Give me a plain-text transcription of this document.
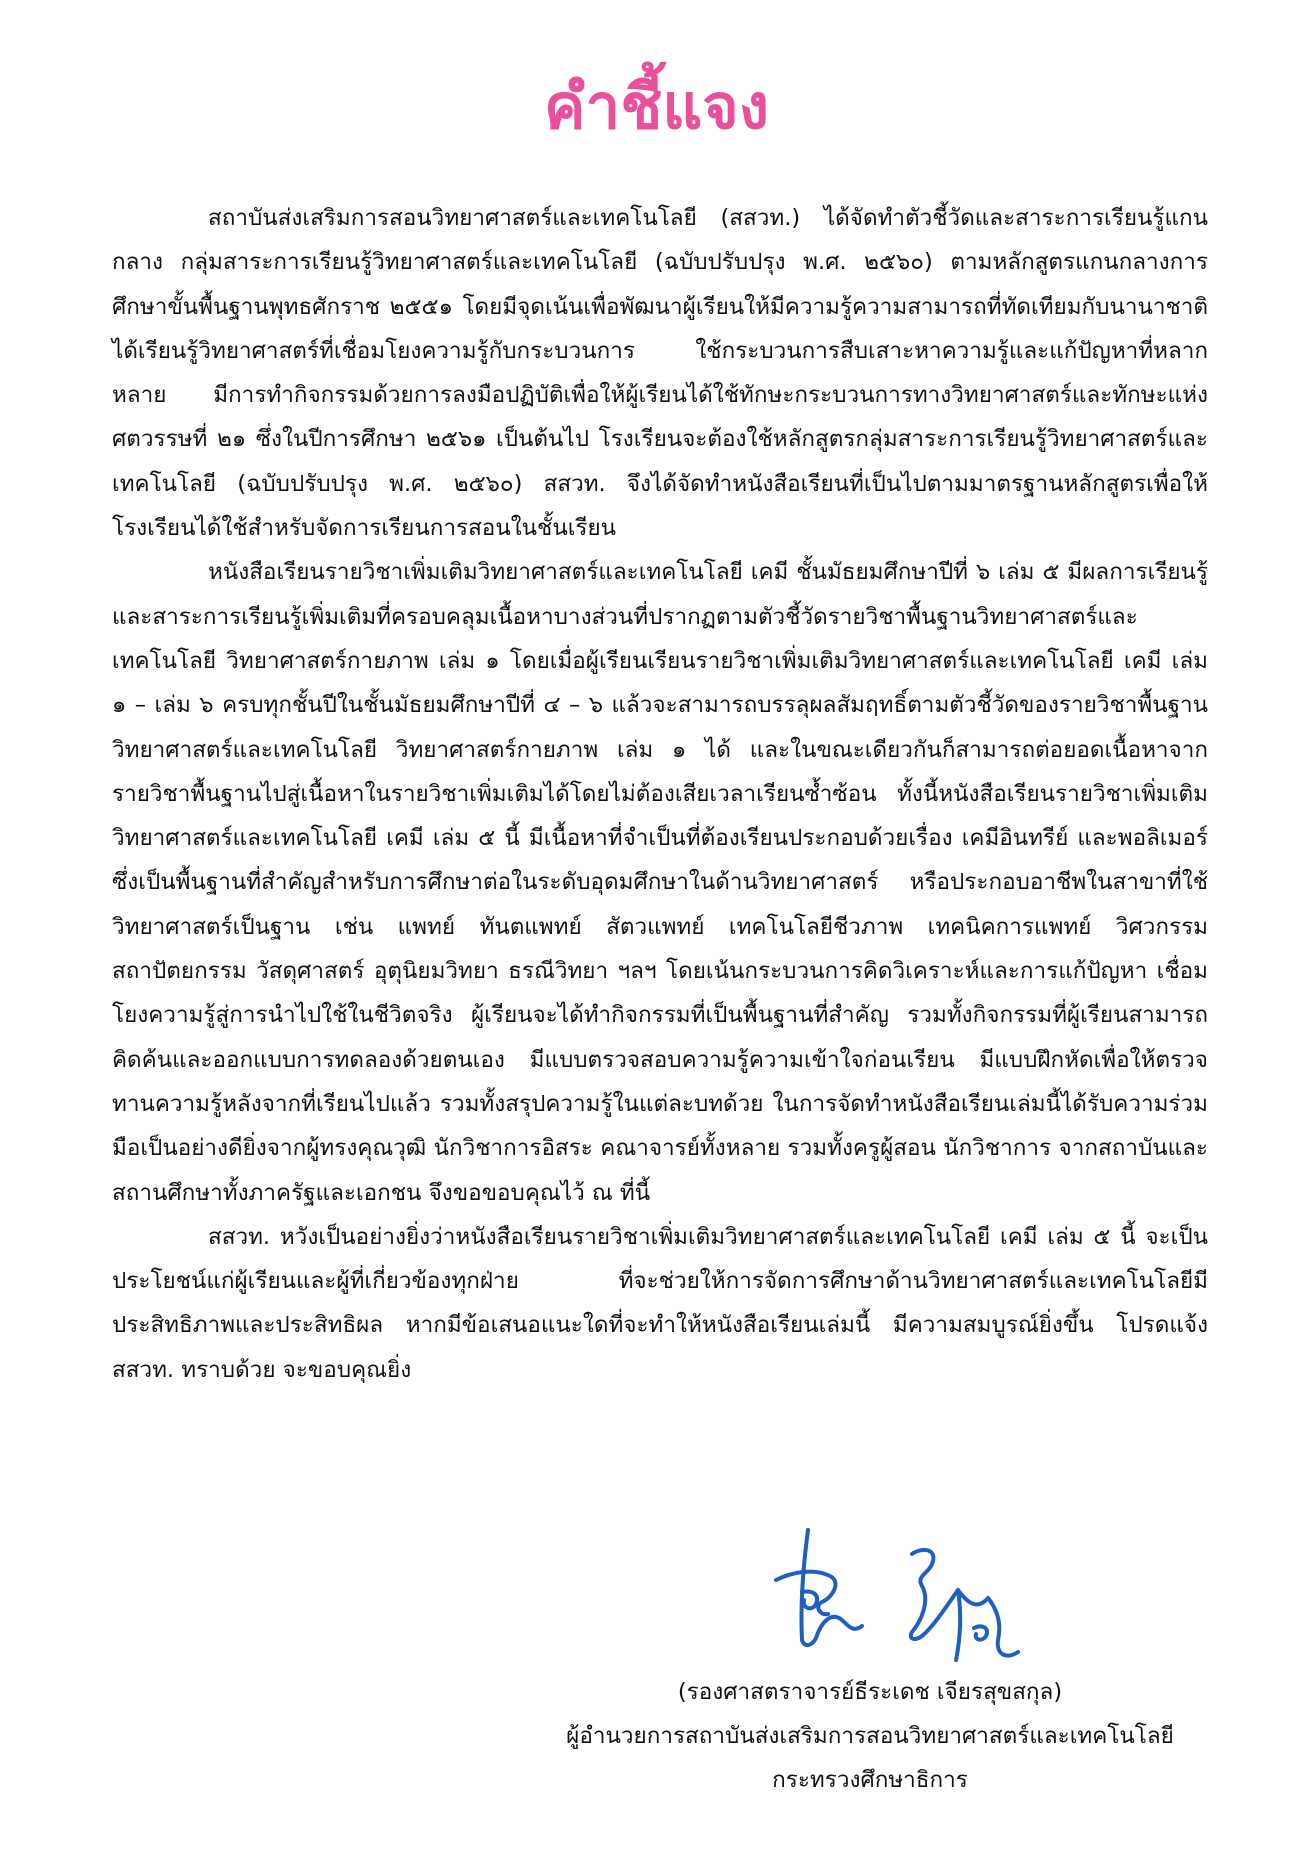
คำชี้แจง

สถาบันส่งเสริมการสอนวิทยาศาสตร์และเทคโนโลยี (สสวท.) ได้จัดทำตัวชี้วัดและสาระการเรียนรู้แกนกลาง กลุ่มสาระการเรียนรู้วิทยาศาสตร์และเทคโนโลยี (ฉบับปรับปรุง พ.ศ. ๒๕๖๐) ตามหลักสูตรแกนกลางการศึกษาขั้นพื้นฐานพุทธศักราช ๒๕๕๑ โดยมีจุดเน้นเพื่อพัฒนาผู้เรียนให้มีความรู้ความสามารถที่ทัดเทียมกับนานาชาติ ได้เรียนรู้วิทยาศาสตร์ที่เชื่อมโยงความรู้กับกระบวนการ ใช้กระบวนการสืบเสาะหาความรู้และแก้ปัญหาที่หลากหลาย มีการทำกิจกรรมด้วยการลงมือปฏิบัติเพื่อให้ผู้เรียนได้ใช้ทักษะกระบวนการทางวิทยาศาสตร์และทักษะแห่งศตวรรษที่ ๒๑ ซึ่งในปีการศึกษา ๒๕๖๑ เป็นต้นไป โรงเรียนจะต้องใช้หลักสูตรกลุ่มสาระการเรียนรู้วิทยาศาสตร์และเทคโนโลยี (ฉบับปรับปรุง พ.ศ. ๒๕๖๐) สสวท. จึงได้จัดทำหนังสือเรียนที่เป็นไปตามมาตรฐานหลักสูตรเพื่อให้โรงเรียนได้ใช้สำหรับจัดการเรียนการสอนในชั้นเรียน

หนังสือเรียนรายวิชาเพิ่มเติมวิทยาศาสตร์และเทคโนโลยี เคมี ชั้นมัธยมศึกษาปีที่ ๖ เล่ม ๕ มีผลการเรียนรู้และสาระการเรียนรู้เพิ่มเติมที่ครอบคลุมเนื้อหาบางส่วนที่ปรากฏตามตัวชี้วัดรายวิชาพื้นฐานวิทยาศาสตร์และเทคโนโลยี วิทยาศาสตร์กายภาพ เล่ม ๑ โดยเมื่อผู้เรียนเรียนรายวิชาเพิ่มเติมวิทยาศาสตร์และเทคโนโลยี เคมี เล่ม ๑ – เล่ม ๖ ครบทุกชั้นปีในชั้นมัธยมศึกษาปีที่ ๔ – ๖ แล้วจะสามารถบรรลุผลสัมฤทธิ์ตามตัวชี้วัดของรายวิชาพื้นฐานวิทยาศาสตร์และเทคโนโลยี วิทยาศาสตร์กายภาพ เล่ม ๑ ได้ และในขณะเดียวกันก็สามารถต่อยอดเนื้อหาจากรายวิชาพื้นฐานไปสู่เนื้อหาในรายวิชาเพิ่มเติมได้โดยไม่ต้องเสียเวลาเรียนซ้ำซ้อน ทั้งนี้หนังสือเรียนรายวิชาเพิ่มเติมวิทยาศาสตร์และเทคโนโลยี เคมี เล่ม ๕ นี้ มีเนื้อหาที่จำเป็นที่ต้องเรียนประกอบด้วยเรื่อง เคมีอินทรีย์ และพอลิเมอร์ ซึ่งเป็นพื้นฐานที่สำคัญสำหรับการศึกษาต่อในระดับอุดมศึกษาในด้านวิทยาศาสตร์ หรือประกอบอาชีพในสาขาที่ใช้วิทยาศาสตร์เป็นฐาน เช่น แพทย์ ทันตแพทย์ สัตวแพทย์ เทคโนโลยีชีวภาพ เทคนิคการแพทย์ วิศวกรรม สถาปัตยกรรม วัสดุศาสตร์ อุตุนิยมวิทยา ธรณีวิทยา ฯลฯ โดยเน้นกระบวนการคิดวิเคราะห์และการแก้ปัญหา เชื่อมโยงความรู้สู่การนำไปใช้ในชีวิตจริง ผู้เรียนจะได้ทำกิจกรรมที่เป็นพื้นฐานที่สำคัญ รวมทั้งกิจกรรมที่ผู้เรียนสามารถคิดค้นและออกแบบการทดลองด้วยตนเอง มีแบบตรวจสอบความรู้ความเข้าใจก่อนเรียน มีแบบฝึกหัดเพื่อให้ตรวจทานความรู้หลังจากที่เรียนไปแล้ว รวมทั้งสรุปความรู้ในแต่ละบทด้วย ในการจัดทำหนังสือเรียนเล่มนี้ได้รับความร่วมมือเป็นอย่างดียิ่งจากผู้ทรงคุณวุฒิ นักวิชาการอิสระ คณาจารย์ทั้งหลาย รวมทั้งครูผู้สอน นักวิชาการ จากสถาบันและสถานศึกษาทั้งภาครัฐและเอกชน จึงขอขอบคุณไว้ ณ ที่นี้

สสวท. หวังเป็นอย่างยิ่งว่าหนังสือเรียนรายวิชาเพิ่มเติมวิทยาศาสตร์และเทคโนโลยี เคมี เล่ม ๕ นี้ จะเป็นประโยชน์แก่ผู้เรียนและผู้ที่เกี่ยวข้องทุกฝ่าย ที่จะช่วยให้การจัดการศึกษาด้านวิทยาศาสตร์และเทคโนโลยีมีประสิทธิภาพและประสิทธิผล หากมีข้อเสนอแนะใดที่จะทำให้หนังสือเรียนเล่มนี้ มีความสมบูรณ์ยิ่งขึ้น โปรดแจ้ง สสวท. ทราบด้วย จะขอบคุณยิ่ง

(รองศาสตราจารย์ธีระเดช เจียรสุขสกุล)
ผู้อำนวยการสถาบันส่งเสริมการสอนวิทยาศาสตร์และเทคโนโลยี
กระทรวงศึกษาธิการ
